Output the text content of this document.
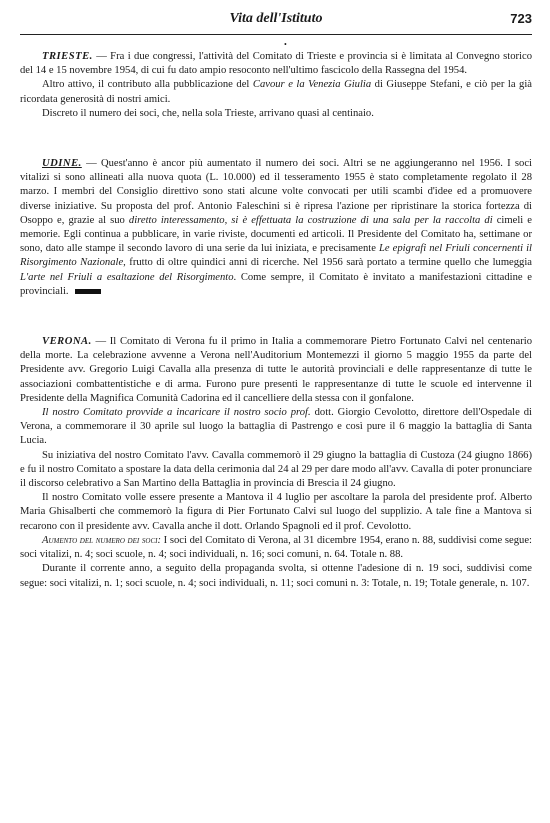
Vita dell'Istituto	723
•

TRIESTE. — Fra i due congressi, l'attività del Comitato di Trieste e provincia si è limitata al Convegno storico del 14 e 15 novembre 1954, di cui fu dato ampio resoconto nell'ultimo fascicolo della Rassegna del 1954.

Altro attivo, il contributo alla pubblicazione del Cavour e la Venezia Giulia di Giuseppe Stefani, e ciò per la già ricordata generosità di nostri amici.

Discreto il numero dei soci, che, nella sola Trieste, arrivano quasi al centinaio.

UDINE. — Quest'anno è ancor più aumentato il numero dei soci. Altri se ne aggiungeranno nel 1956. I soci vitalizi si sono allineati alla nuova quota (L. 10.000) ed il tesseramento 1955 è stato completamente regolato il 28 marzo. I membri del Consiglio direttivo sono stati alcune volte convocati per utili scambi d'idee ed a promuovere diverse iniziative. Su proposta del prof. Antonio Faleschini si è ripresa l'azione per ripristinare la storica fortezza di Osoppo e, grazie al suo diretto interessamento, si è effettuata la costruzione di una sala per la raccolta di cimeli e memorie. Egli continua a pubblicare, in varie riviste, documenti ed articoli. Il Presidente del Comitato ha, settimane or sono, dato alle stampe il secondo lavoro di una serie da lui iniziata, e precisamente Le epigrafi nel Friuli concernenti il Risorgimento Nazionale, frutto di oltre quindici anni di ricerche. Nel 1956 sarà portato a termine quello che lumeggia L'arte nel Friuli a esaltazione del Risorgimento. Come sempre, il Comitato è invitato a manifestazioni cittadine e provinciali.

VERONA. — Il Comitato di Verona fu il primo in Italia a commemorare Pietro Fortunato Calvi nel centenario della morte. La celebrazione avvenne a Verona nell'Auditorium Montemezzi il giorno 5 maggio 1955 da parte del Presidente avv. Gregorio Luigi Cavalla alla presenza di tutte le autorità provinciali e delle rappresentanze di tutte le associazioni combattentistiche e di arma. Furono pure presenti le rappresentanze di tutte le scuole ed intervenne il Presidente della Magnifica Comunità Cadorina ed il cancelliere della stessa con il gonfalone.

Il nostro Comitato provvide a incaricare il nostro socio prof. dott. Giorgio Cevolotto, direttore dell'Ospedale di Verona, a commemorare il 30 aprile sul luogo la battaglia di Pastrengo e così pure il 6 maggio la battaglia di Santa Lucia.

Su iniziativa del nostro Comitato l'avv. Cavalla commemorò il 29 giugno la battaglia di Custoza (24 giugno 1866) e fu il nostro Comitato a spostare la data della cerimonia dal 24 al 29 per dare modo all'avv. Cavalla di poter pronunciare il discorso celebrativo a San Martino della Battaglia in provincia di Brescia il 24 giugno.

Il nostro Comitato volle essere presente a Mantova il 4 luglio per ascoltare la parola del presidente prof. Alberto Maria Ghisalberti che commemorò la figura di Pier Fortunato Calvi sul luogo del supplizio. A tale fine a Mantova si recarono con il presidente avv. Cavalla anche il dott. Orlando Spagnoli ed il prof. Cevolotto.

Aumento del numero dei soci: I soci del Comitato di Verona, al 31 dicembre 1954, erano n. 88, suddivisi come segue: soci vitalizi, n. 4; soci scuole, n. 4; soci individuali, n. 16; soci comuni, n. 64. Totale n. 88.

Durante il corrente anno, a seguito della propaganda svolta, si ottenne l'adesione di n. 19 soci, suddivisi come segue: soci vitalizi, n. 1; soci scuole, n. 4; soci individuali, n. 11; soci comuni n. 3: Totale, n. 19; Totale generale, n. 107.
